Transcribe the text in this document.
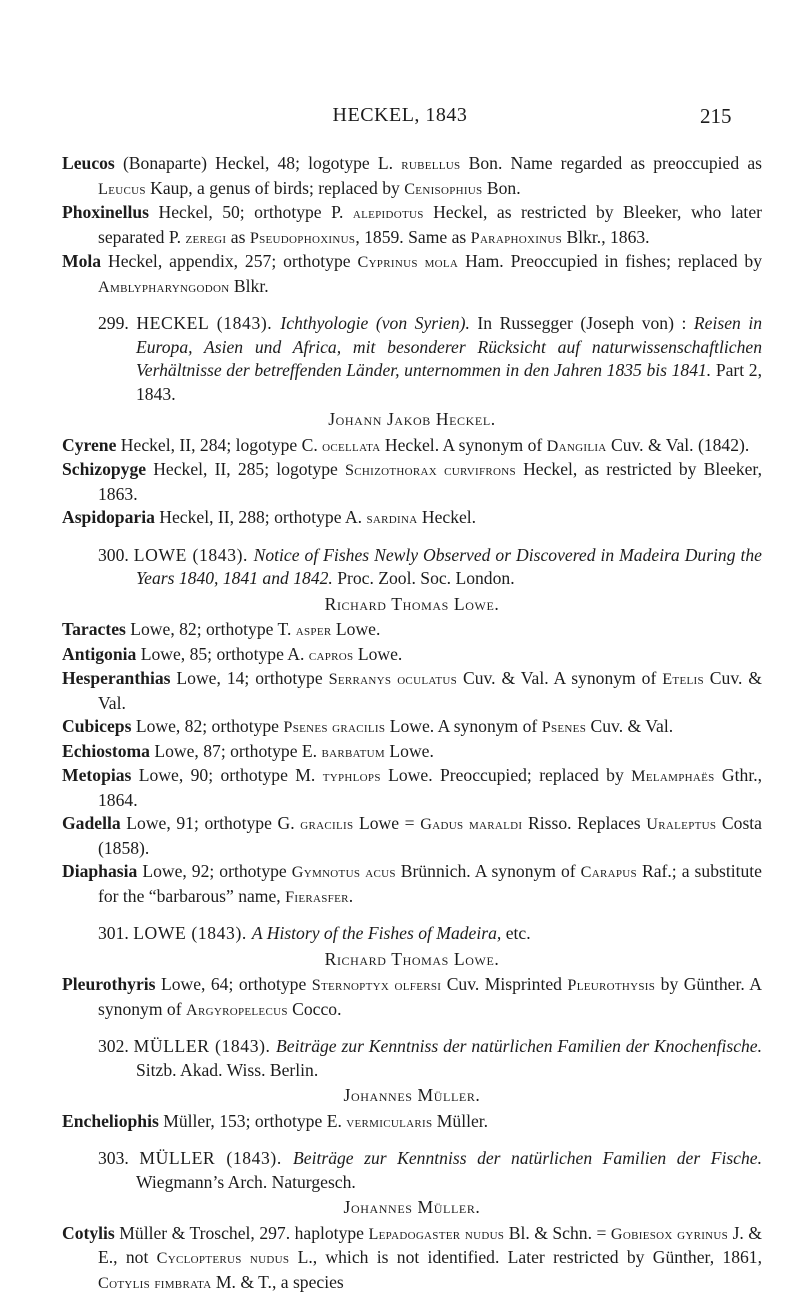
HECKEL, 1843	215

Leucos (Bonaparte) Heckel, 48; logotype L. rubellus Bon. Name regarded as preoccupied as Leucus Kaup, a genus of birds; replaced by Cenisophius Bon.

Phoxinellus Heckel, 50; orthotype P. alepidotus Heckel, as restricted by Bleeker, who later separated P. zeregi as Pseudophoxinus, 1859. Same as Paraphoxinus Blkr., 1863.

Mola Heckel, appendix, 257; orthotype Cyprinus mola Ham. Preoccupied in fishes; replaced by Amblypharyngodon Blkr.

299. HECKEL (1843). Ichthyologie (von Syrien). In Russegger (Joseph von) : Reisen in Europa, Asien und Africa, mit besonderer Rücksicht auf naturwissenschaftlichen Verhältnisse der betreffenden Länder, unternommen in den Jahren 1835 bis 1841. Part 2, 1843.
Johann Jakob Heckel.

Cyrene Heckel, II, 284; logotype C. ocellata Heckel. A synonym of Dangilia Cuv. & Val. (1842).

Schizopyge Heckel, II, 285; logotype Schizothorax curvifrons Heckel, as restricted by Bleeker, 1863.

Aspidoparia Heckel, II, 288; orthotype A. sardina Heckel.

300. LOWE (1843). Notice of Fishes Newly Observed or Discovered in Madeira During the Years 1840, 1841 and 1842. Proc. Zool. Soc. London.
Richard Thomas Lowe.

Taractes Lowe, 82; orthotype T. asper Lowe.

Antigonia Lowe, 85; orthotype A. capros Lowe.

Hesperanthias Lowe, 14; orthotype Serranys oculatus Cuv. & Val. A synonym of Etelis Cuv. & Val.

Cubiceps Lowe, 82; orthotype Psenes gracilis Lowe. A synonym of Psenes Cuv. & Val.

Echiostoma Lowe, 87; orthotype E. barbatum Lowe.

Metopias Lowe, 90; orthotype M. typhlops Lowe. Preoccupied; replaced by Melamphaës Gthr., 1864.

Gadella Lowe, 91; orthotype G. gracilis Lowe = Gadus maraldi Risso. Replaces Uraleptus Costa (1858).

Diaphasia Lowe, 92; orthotype Gymnotus acus Brünnich. A synonym of Carapus Raf.; a substitute for the “barbarous” name, Fierasfer.

301. LOWE (1843). A History of the Fishes of Madeira, etc.
Richard Thomas Lowe.

Pleurothyris Lowe, 64; orthotype Sternoptyx olfersi Cuv. Misprinted Pleurothysis by Günther. A synonym of Argyropelecus Cocco.

302. MÜLLER (1843). Beiträge zur Kenntniss der natürlichen Familien der Knochenfische. Sitzb. Akad. Wiss. Berlin.
Johannes Müller.

Encheliophis Müller, 153; orthotype E. vermicularis Müller.

303. MÜLLER (1843). Beiträge zur Kenntniss der natürlichen Familien der Fische. Wiegmann’s Arch. Naturgesch.
Johannes Müller.

Cotylis Müller & Troschel, 297. haplotype Lepadogaster nudus Bl. & Schn. = Gobiesox gyrinus J. & E., not Cyclopterus nudus L., which is not identified. Later restricted by Günther, 1861, Cotylis fimbrata M. & T., a species
